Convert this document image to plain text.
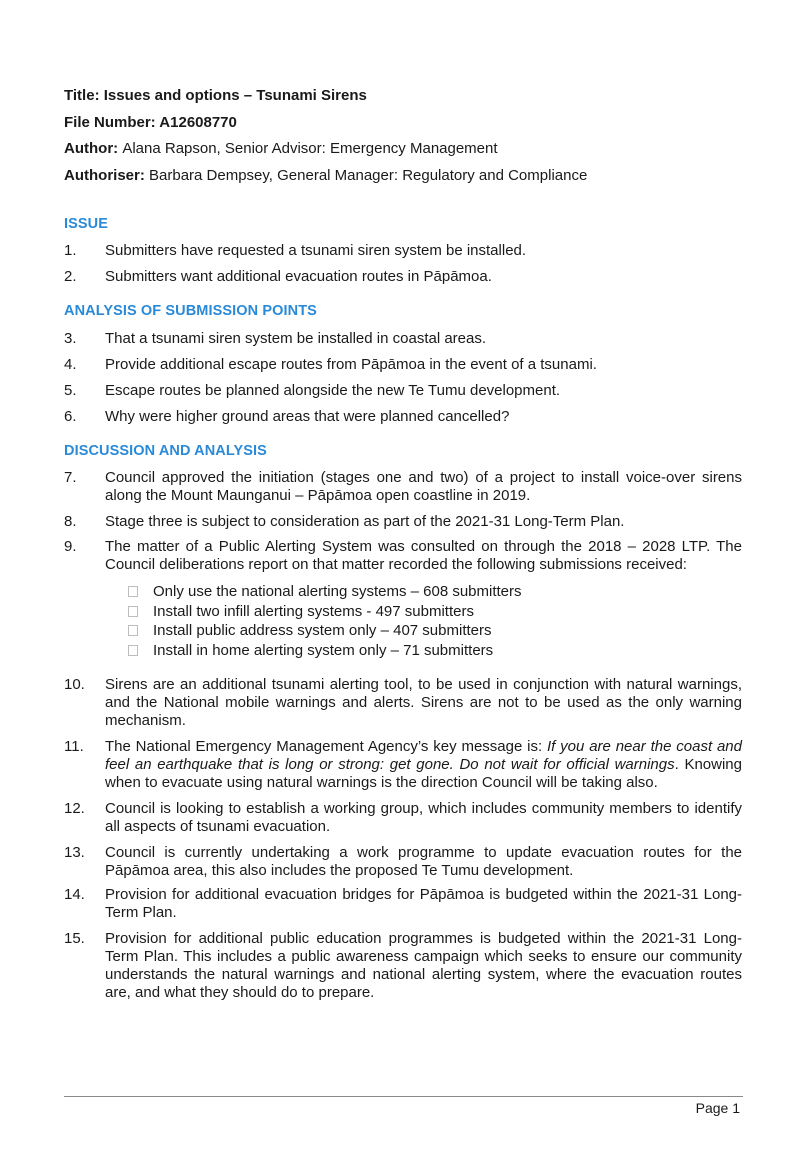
Title: Issues and options – Tsunami Sirens
File Number: A12608770
Author: Alana Rapson, Senior Advisor: Emergency Management
Authoriser: Barbara Dempsey, General Manager: Regulatory and Compliance
ISSUE
1. Submitters have requested a tsunami siren system be installed.
2. Submitters want additional evacuation routes in Pāpāmoa.
ANALYSIS OF SUBMISSION POINTS
3. That a tsunami siren system be installed in coastal areas.
4. Provide additional escape routes from Pāpāmoa in the event of a tsunami.
5. Escape routes be planned alongside the new Te Tumu development.
6. Why were higher ground areas that were planned cancelled?
DISCUSSION AND ANALYSIS
7. Council approved the initiation (stages one and two) of a project to install voice-over sirens along the Mount Maunganui – Pāpāmoa open coastline in 2019.
8. Stage three is subject to consideration as part of the 2021-31 Long-Term Plan.
9. The matter of a Public Alerting System was consulted on through the 2018 – 2028 LTP. The Council deliberations report on that matter recorded the following submissions received:
Only use the national alerting systems – 608 submitters
Install two infill alerting systems - 497 submitters
Install public address system only – 407 submitters
Install in home alerting system only – 71 submitters
10. Sirens are an additional tsunami alerting tool, to be used in conjunction with natural warnings, and the National mobile warnings and alerts. Sirens are not to be used as the only warning mechanism.
11. The National Emergency Management Agency’s key message is: If you are near the coast and feel an earthquake that is long or strong: get gone. Do not wait for official warnings. Knowing when to evacuate using natural warnings is the direction Council will be taking also.
12. Council is looking to establish a working group, which includes community members to identify all aspects of tsunami evacuation.
13. Council is currently undertaking a work programme to update evacuation routes for the Pāpāmoa area, this also includes the proposed Te Tumu development.
14. Provision for additional evacuation bridges for Pāpāmoa is budgeted within the 2021-31 Long-Term Plan.
15. Provision for additional public education programmes is budgeted within the 2021-31 Long-Term Plan. This includes a public awareness campaign which seeks to ensure our community understands the natural warnings and national alerting system, where the evacuation routes are, and what they should do to prepare.
Page 1
